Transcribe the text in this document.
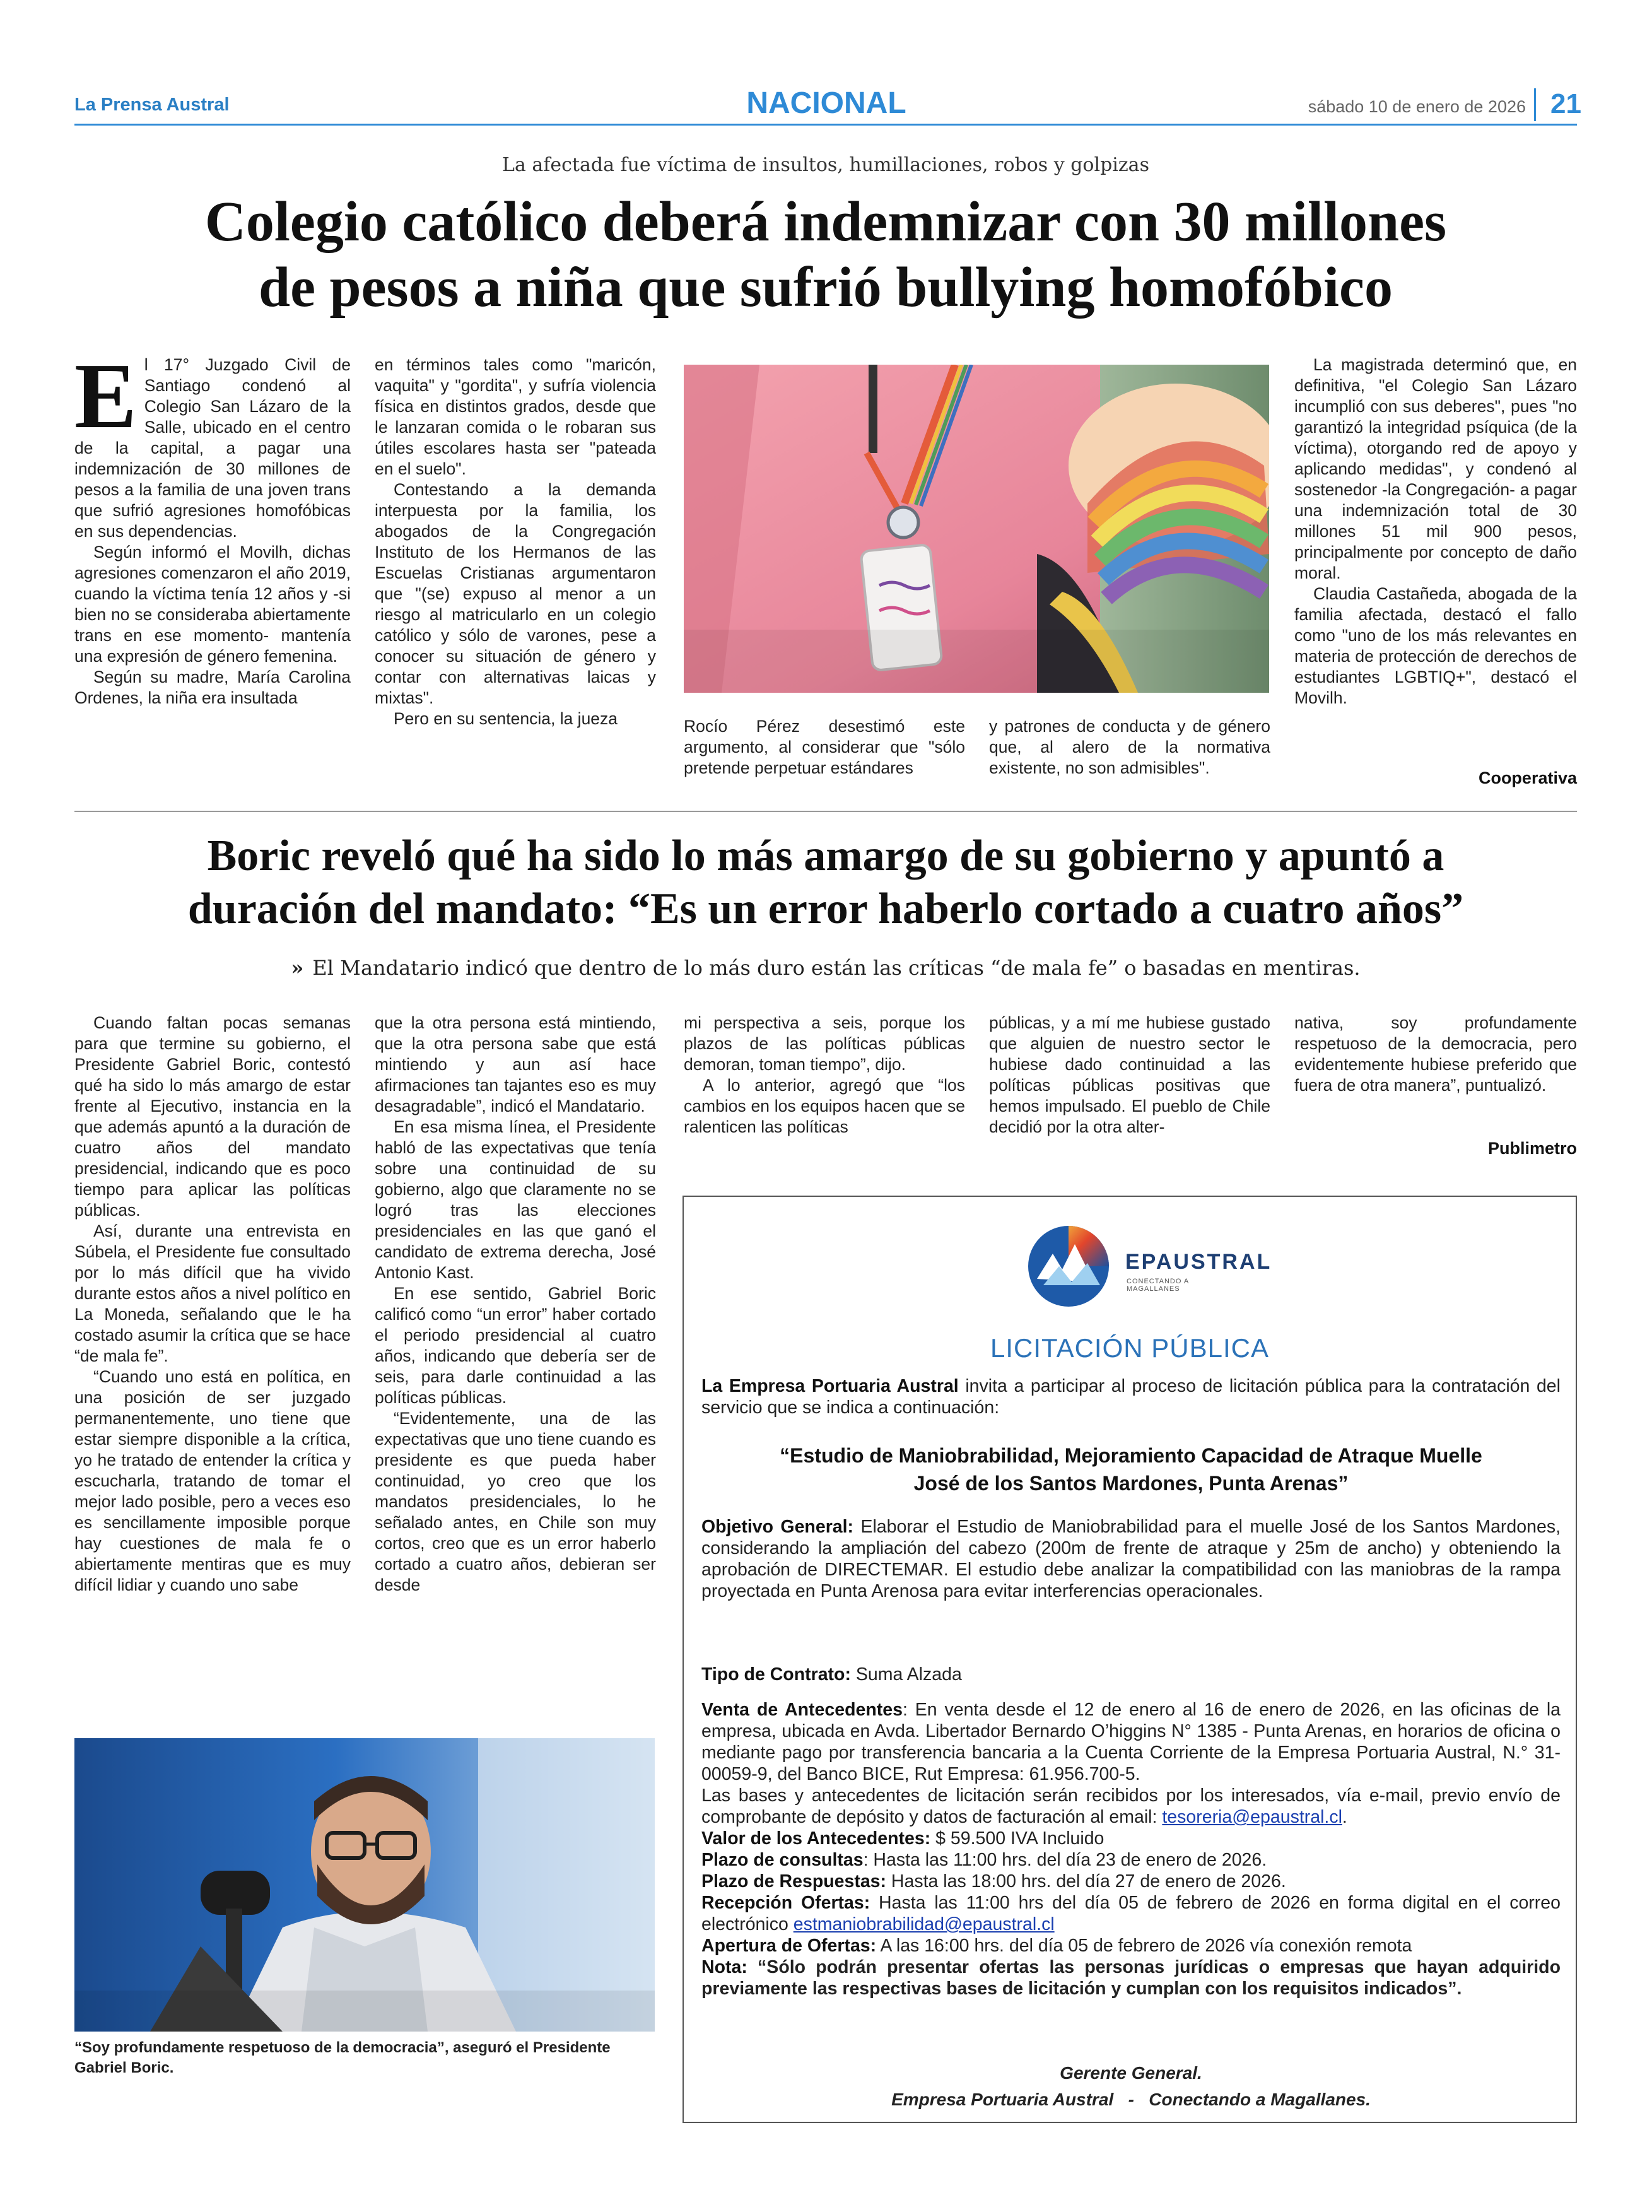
La Prensa Austral	NACIONAL	sábado 10 de enero de 2026 21
La afectada fue víctima de insultos, humillaciones, robos y golpizas
Colegio católico deberá indemnizar con 30 millones
de pesos a niña que sufrió bullying homofóbico
E l 17° Juzgado Civil de Santiago condenó al Colegio San Lázaro de la Salle, ubicado en el centro de la capital, a pagar una indemnización de 30 millones de pesos a la familia de una joven trans que sufrió agresiones homofóbicas en sus dependencias.

Según informó el Movilh, dichas agresiones comenzaron el año 2019, cuando la víctima tenía 12 años y -si bien no se consideraba abiertamente trans en ese momento- mantenía una expresión de género femenina.

Según su madre, María Carolina Ordenes, la niña era insultada

en términos tales como "maricón, vaquita" y "gordita", y sufría violencia física en distintos grados, desde que le lanzaran comida o le robaran sus útiles escolares hasta ser "pateada en el suelo".

Contestando a la demanda interpuesta por la familia, los abogados de la Congregación Instituto de los Hermanos de las Escuelas Cristianas argumentaron que "(se) expuso al menor a un riesgo al matricularlo en un colegio católico y sólo de varones, pese a conocer su situación de género y contar con alternativas laicas y mixtas".

Pero en su sentencia, la jueza	Rocío Pérez desestimó este argumento, al considerar que "sólo pretende perpetuar estándares

y patrones de conducta y de género que, al alero de la normativa existente, no son admisibles".

La magistrada determinó que, en definitiva, "el Colegio San Lázaro incumplió con sus deberes", pues "no garantizó la integridad psíquica (de la víctima), otorgando red de apoyo y aplicando medidas", y condenó al sostenedor -la Congregación- a pagar una indemnización total de 30 millones 51 mil 900 pesos, principalmente por concepto de daño moral.

Claudia Castañeda, abogada de la familia afectada, destacó el fallo como "uno de los más relevantes en materia de protección de derechos de estudiantes LGBTIQ+", destacó el Movilh.

Cooperativa
Boric reveló qué ha sido lo más amargo de su gobierno y apuntó a
duración del mandato: “Es un error haberlo cortado a cuatro años”
» El Mandatario indicó que dentro de lo más duro están las críticas “de mala fe” o basadas en mentiras.

Cuando faltan pocas semanas para que termine su gobierno, el Presidente Gabriel Boric, contestó qué ha sido lo más amargo de estar frente al Ejecutivo, instancia en la que además apuntó a la duración de cuatro años del mandato presidencial, indicando que es poco tiempo para aplicar las políticas públicas.

Así, durante una entrevista en Súbela, el Presidente fue consultado por lo más difícil que ha vivido durante estos años a nivel político en La Moneda, señalando que le ha costado asumir la crítica que se hace “de mala fe”.

“Cuando uno está en política, en una posición de ser juzgado permanentemente, uno tiene que estar siempre disponible a la crítica, yo he tratado de entender la crítica y escucharla, tratando de tomar el mejor lado posible, pero a veces eso es sencillamente imposible porque hay cuestiones de mala fe o abiertamente mentiras que es muy difícil lidiar y cuando uno sabe

que la otra persona está mintiendo, que la otra persona sabe que está mintiendo y aun así hace afirmaciones tan tajantes eso es muy desagradable”, indicó el Mandatario.

En esa misma línea, el Presidente habló de las expectativas que tenía sobre una continuidad de su gobierno, algo que claramente no se logró tras las elecciones presidenciales en las que ganó el candidato de extrema derecha, José Antonio Kast.

En ese sentido, Gabriel Boric calificó como “un error” haber cortado el periodo presidencial al cuatro años, indicando que debería ser de seis, para darle continuidad a las políticas públicas.

“Evidentemente, una de las expectativas que uno tiene cuando es presidente es que pueda haber continuidad, yo creo que los mandatos presidenciales, lo he señalado antes, en Chile son muy cortos, creo que es un error haberlo cortado a cuatro años, debieran ser desde

mi perspectiva a seis, porque los plazos de las políticas públicas demoran, toman tiempo”, dijo.

A lo anterior, agregó que “los cambios en los equipos hacen que se ralenticen las políticas

públicas, y a mí me hubiese gustado que alguien de nuestro sector le hubiese dado continuidad a las políticas públicas positivas que hemos impulsado. El pueblo de Chile decidió por la otra alter-

nativa, soy profundamente respetuoso de la democracia, pero evidentemente hubiese preferido que fuera de otra manera”, puntualizó.

Publimetro
“Soy profundamente respetuoso de la democracia”, aseguró el Presidente Gabriel Boric.
EPAUSTRAL
CONECTANDO A MAGALLANES
LICITACIÓN PÚBLICA
La Empresa Portuaria Austral invita a participar al proceso de licitación pública para la contratación del servicio que se indica a continuación:
“Estudio de Maniobrabilidad, Mejoramiento Capacidad de Atraque Muelle
José de los Santos Mardones, Punta Arenas”
Objetivo General: Elaborar el Estudio de Maniobrabilidad para el muelle José de los Santos Mardones, considerando la ampliación del cabezo (200m de frente de atraque y 25m de ancho) y obteniendo la aprobación de DIRECTEMAR. El estudio debe analizar la compatibilidad con las maniobras de la rampa proyectada en Punta Arenosa para evitar interferencias operacionales.
Tipo de Contrato: Suma Alzada
Venta de Antecedentes: En venta desde el 12 de enero al 16 de enero de 2026, en las oficinas de la empresa, ubicada en Avda. Libertador Bernardo O’higgins N° 1385 - Punta Arenas, en horarios de oficina o mediante pago por transferencia bancaria a la Cuenta Corriente de la Empresa Portuaria Austral, N.° 31-00059-9, del Banco BICE, Rut Empresa: 61.956.700-5.
Las bases y antecedentes de licitación serán recibidos por los interesados, vía e-mail, previo envío de comprobante de depósito y datos de facturación al email: tesoreria@epaustral.cl.
Valor de los Antecedentes: $ 59.500 IVA Incluido
Plazo de consultas: Hasta las 11:00 hrs. del día 23 de enero de 2026.
Plazo de Respuestas: Hasta las 18:00 hrs. del día 27 de enero de 2026.
Recepción Ofertas: Hasta las 11:00 hrs del día 05 de febrero de 2026 en forma digital en el correo electrónico estmaniobrabilidad@epaustral.cl
Apertura de Ofertas: A las 16:00 hrs. del día 05 de febrero de 2026 vía conexión remota
Nota: “Sólo podrán presentar ofertas las personas jurídicas o empresas que hayan adquirido previamente las respectivas bases de licitación y cumplan con los requisitos indicados”.
Gerente General.
Empresa Portuaria Austral   -   Conectando a Magallanes.
